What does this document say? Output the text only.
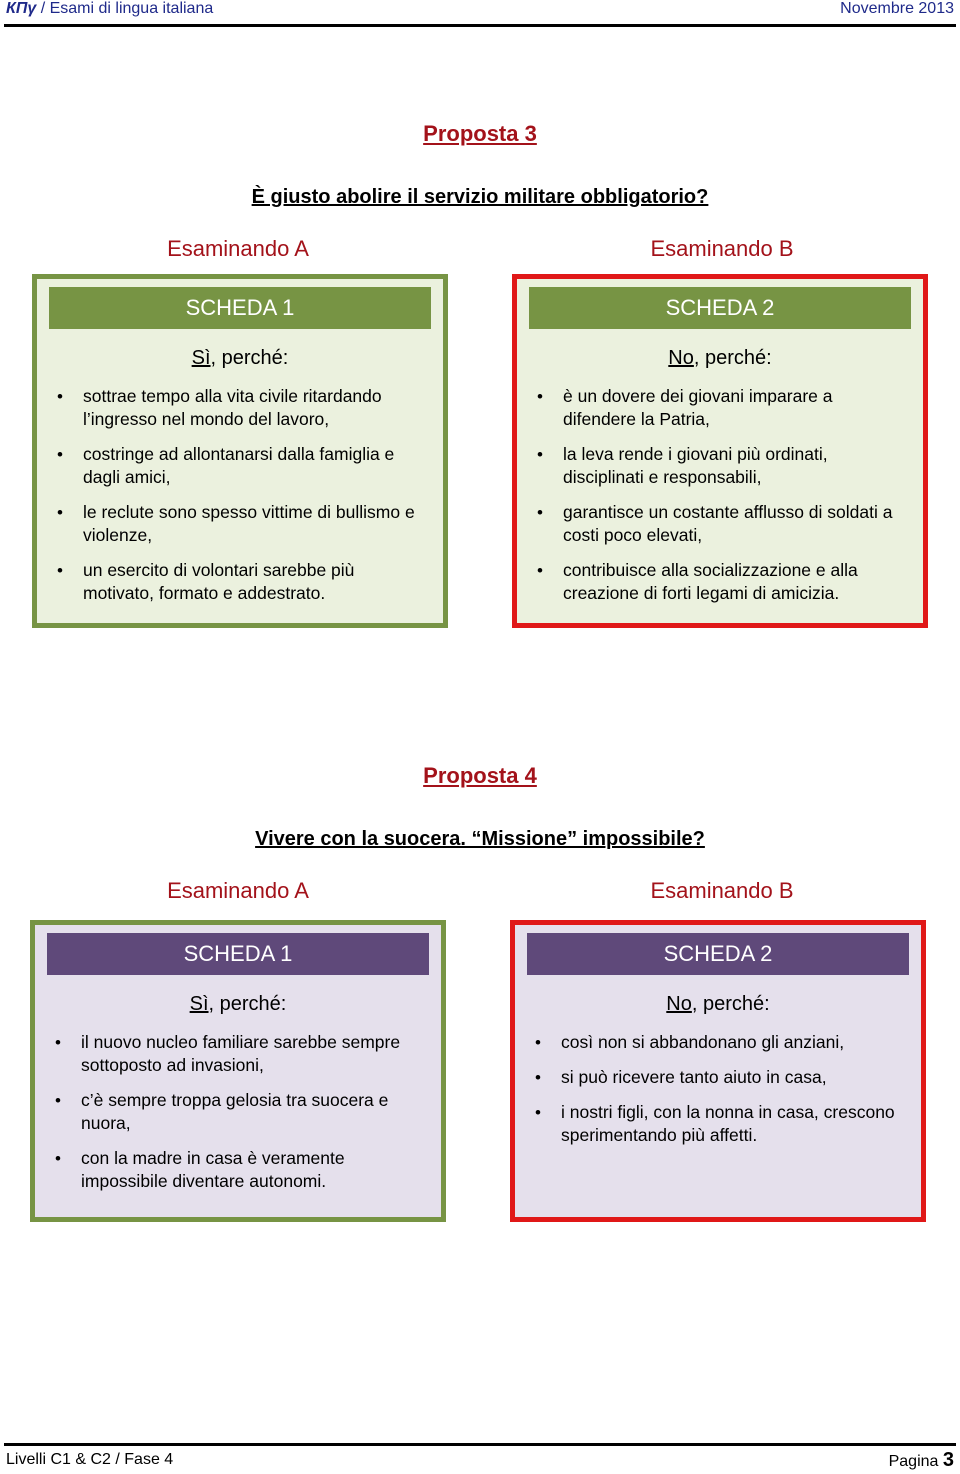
КПγ / Esami di lingua italiana	Novembre 2013
Proposta 3
È giusto abolire il servizio militare obbligatorio?
Esaminando A	Esaminando B
SCHEDA 1
Sì, perché:
• sottrae tempo alla vita civile ritardando l’ingresso nel mondo del lavoro,
• costringe ad allontanarsi dalla famiglia e dagli amici,
• le reclute sono spesso vittime di bullismo e violenze,
• un esercito di volontari sarebbe più motivato, formato e addestrato.
SCHEDA 2
No, perché:
• è un dovere dei giovani imparare a difendere la Patria,
• la leva rende i giovani più ordinati, disciplinati e responsabili,
• garantisce un costante afflusso di soldati a costi poco elevati,
• contribuisce alla socializzazione e alla creazione di forti legami di amicizia.
Proposta 4
Vivere con la suocera. “Missione” impossibile?
Esaminando A	Esaminando B
SCHEDA 1
Sì, perché:
• il nuovo nucleo familiare sarebbe sempre sottoposto ad invasioni,
• c’è sempre troppa gelosia tra suocera e nuora,
• con la madre in casa è veramente impossibile diventare autonomi.
SCHEDA 2
No, perché:
• così non si abbandonano gli anziani,
• si può ricevere tanto aiuto in casa,
• i nostri figli, con la nonna in casa, crescono sperimentando più affetti.
Livelli C1 & C2 / Fase 4	Pagina 3
